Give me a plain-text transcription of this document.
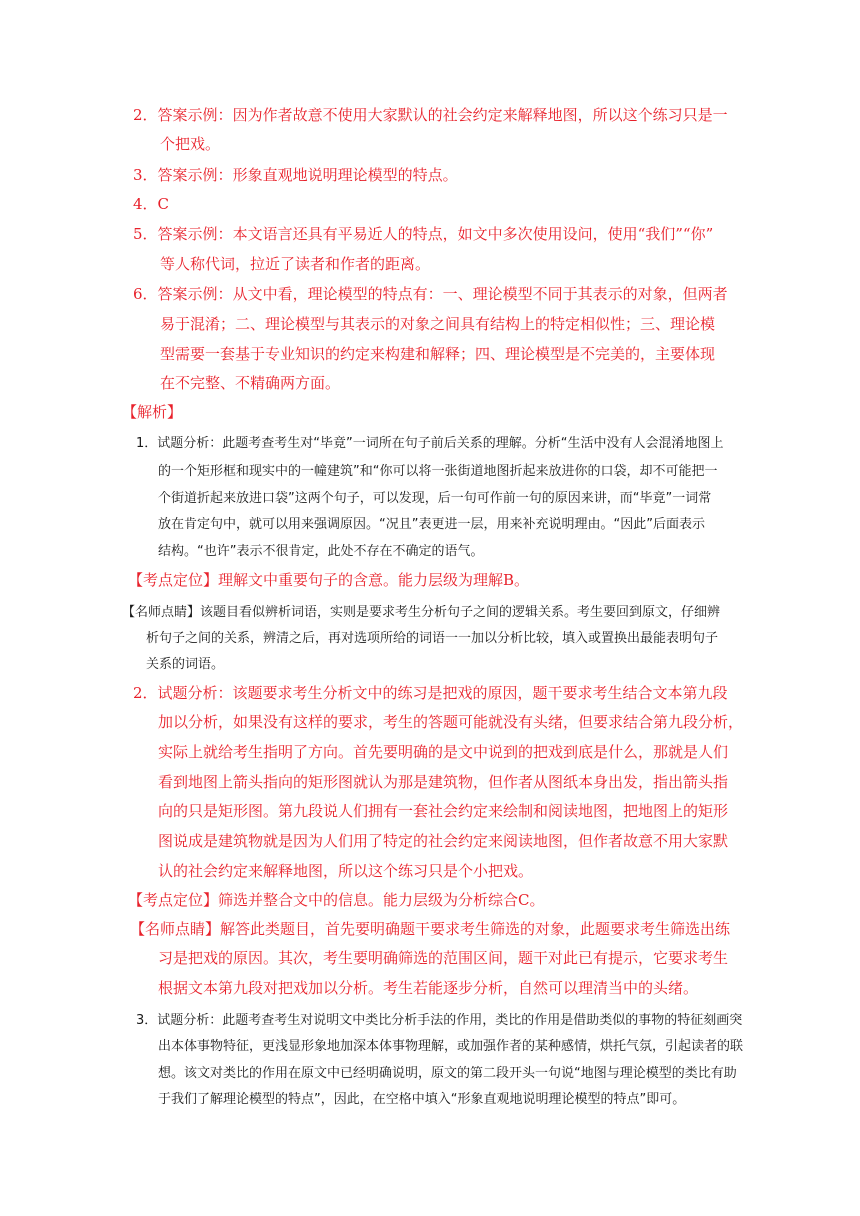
2．答案示例：因为作者故意不使用大家默认的社会约定来解释地图，所以这个练习只是一
个把戏。
3．答案示例：形象直观地说明理论模型的特点。
4．C
5．答案示例：本文语言还具有平易近人的特点，如文中多次使用设问，使用“我们”“你”
等人称代词，拉近了读者和作者的距离。
6．答案示例：从文中看，理论模型的特点有：一、理论模型不同于其表示的对象，但两者
易于混淆；二、理论模型与其表示的对象之间具有结构上的特定相似性；三、理论模
型需要一套基于专业知识的约定来构建和解释；四、理论模型是不完美的，主要体现
在不完整、不精确两方面。
【解析】
1．试题分析：此题考查考生对“毕竟”一词所在句子前后关系的理解。分析“生活中没有人会混淆地图上
的一个矩形框和现实中的一幢建筑”和“你可以将一张街道地图折起来放进你的口袋，却不可能把一
个街道折起来放进口袋”这两个句子，可以发现，后一句可作前一句的原因来讲，而“毕竟”一词常
放在肯定句中，就可以用来强调原因。“况且”表更进一层，用来补充说明理由。“因此”后面表示
结构。“也许”表示不很肯定，此处不存在不确定的语气。
【考点定位】理解文中重要句子的含意。能力层级为理解B。
【名师点睛】该题目看似辨析词语，实则是要求考生分析句子之间的逻辑关系。考生要回到原文，仔细辨
析句子之间的关系，辨清之后，再对选项所给的词语一一加以分析比较，填入或置换出最能表明句子
关系的词语。
2．试题分析：该题要求考生分析文中的练习是把戏的原因，题干要求考生结合文本第九段
加以分析，如果没有这样的要求，考生的答题可能就没有头绪，但要求结合第九段分析，
实际上就给考生指明了方向。首先要明确的是文中说到的把戏到底是什么，那就是人们
看到地图上箭头指向的矩形图就认为那是建筑物，但作者从图纸本身出发，指出箭头指
向的只是矩形图。第九段说人们拥有一套社会约定来绘制和阅读地图，把地图上的矩形
图说成是建筑物就是因为人们用了特定的社会约定来阅读地图，但作者故意不用大家默
认的社会约定来解释地图，所以这个练习只是个小把戏。
【考点定位】筛选并整合文中的信息。能力层级为分析综合C。
【名师点睛】解答此类题目，首先要明确题干要求考生筛选的对象，此题要求考生筛选出练
习是把戏的原因。其次，考生要明确筛选的范围区间，题干对此已有提示，它要求考生
根据文本第九段对把戏加以分析。考生若能逐步分析，自然可以理清当中的头绪。
3．试题分析：此题考查考生对说明文中类比分析手法的作用，类比的作用是借助类似的事物的特征刻画突
出本体事物特征，更浅显形象地加深本体事物理解，或加强作者的某种感情，烘托气氛，引起读者的联
想。该文对类比的作用在原文中已经明确说明，原文的第二段开头一句说“地图与理论模型的类比有助
于我们了解理论模型的特点”，因此，在空格中填入“形象直观地说明理论模型的特点”即可。
